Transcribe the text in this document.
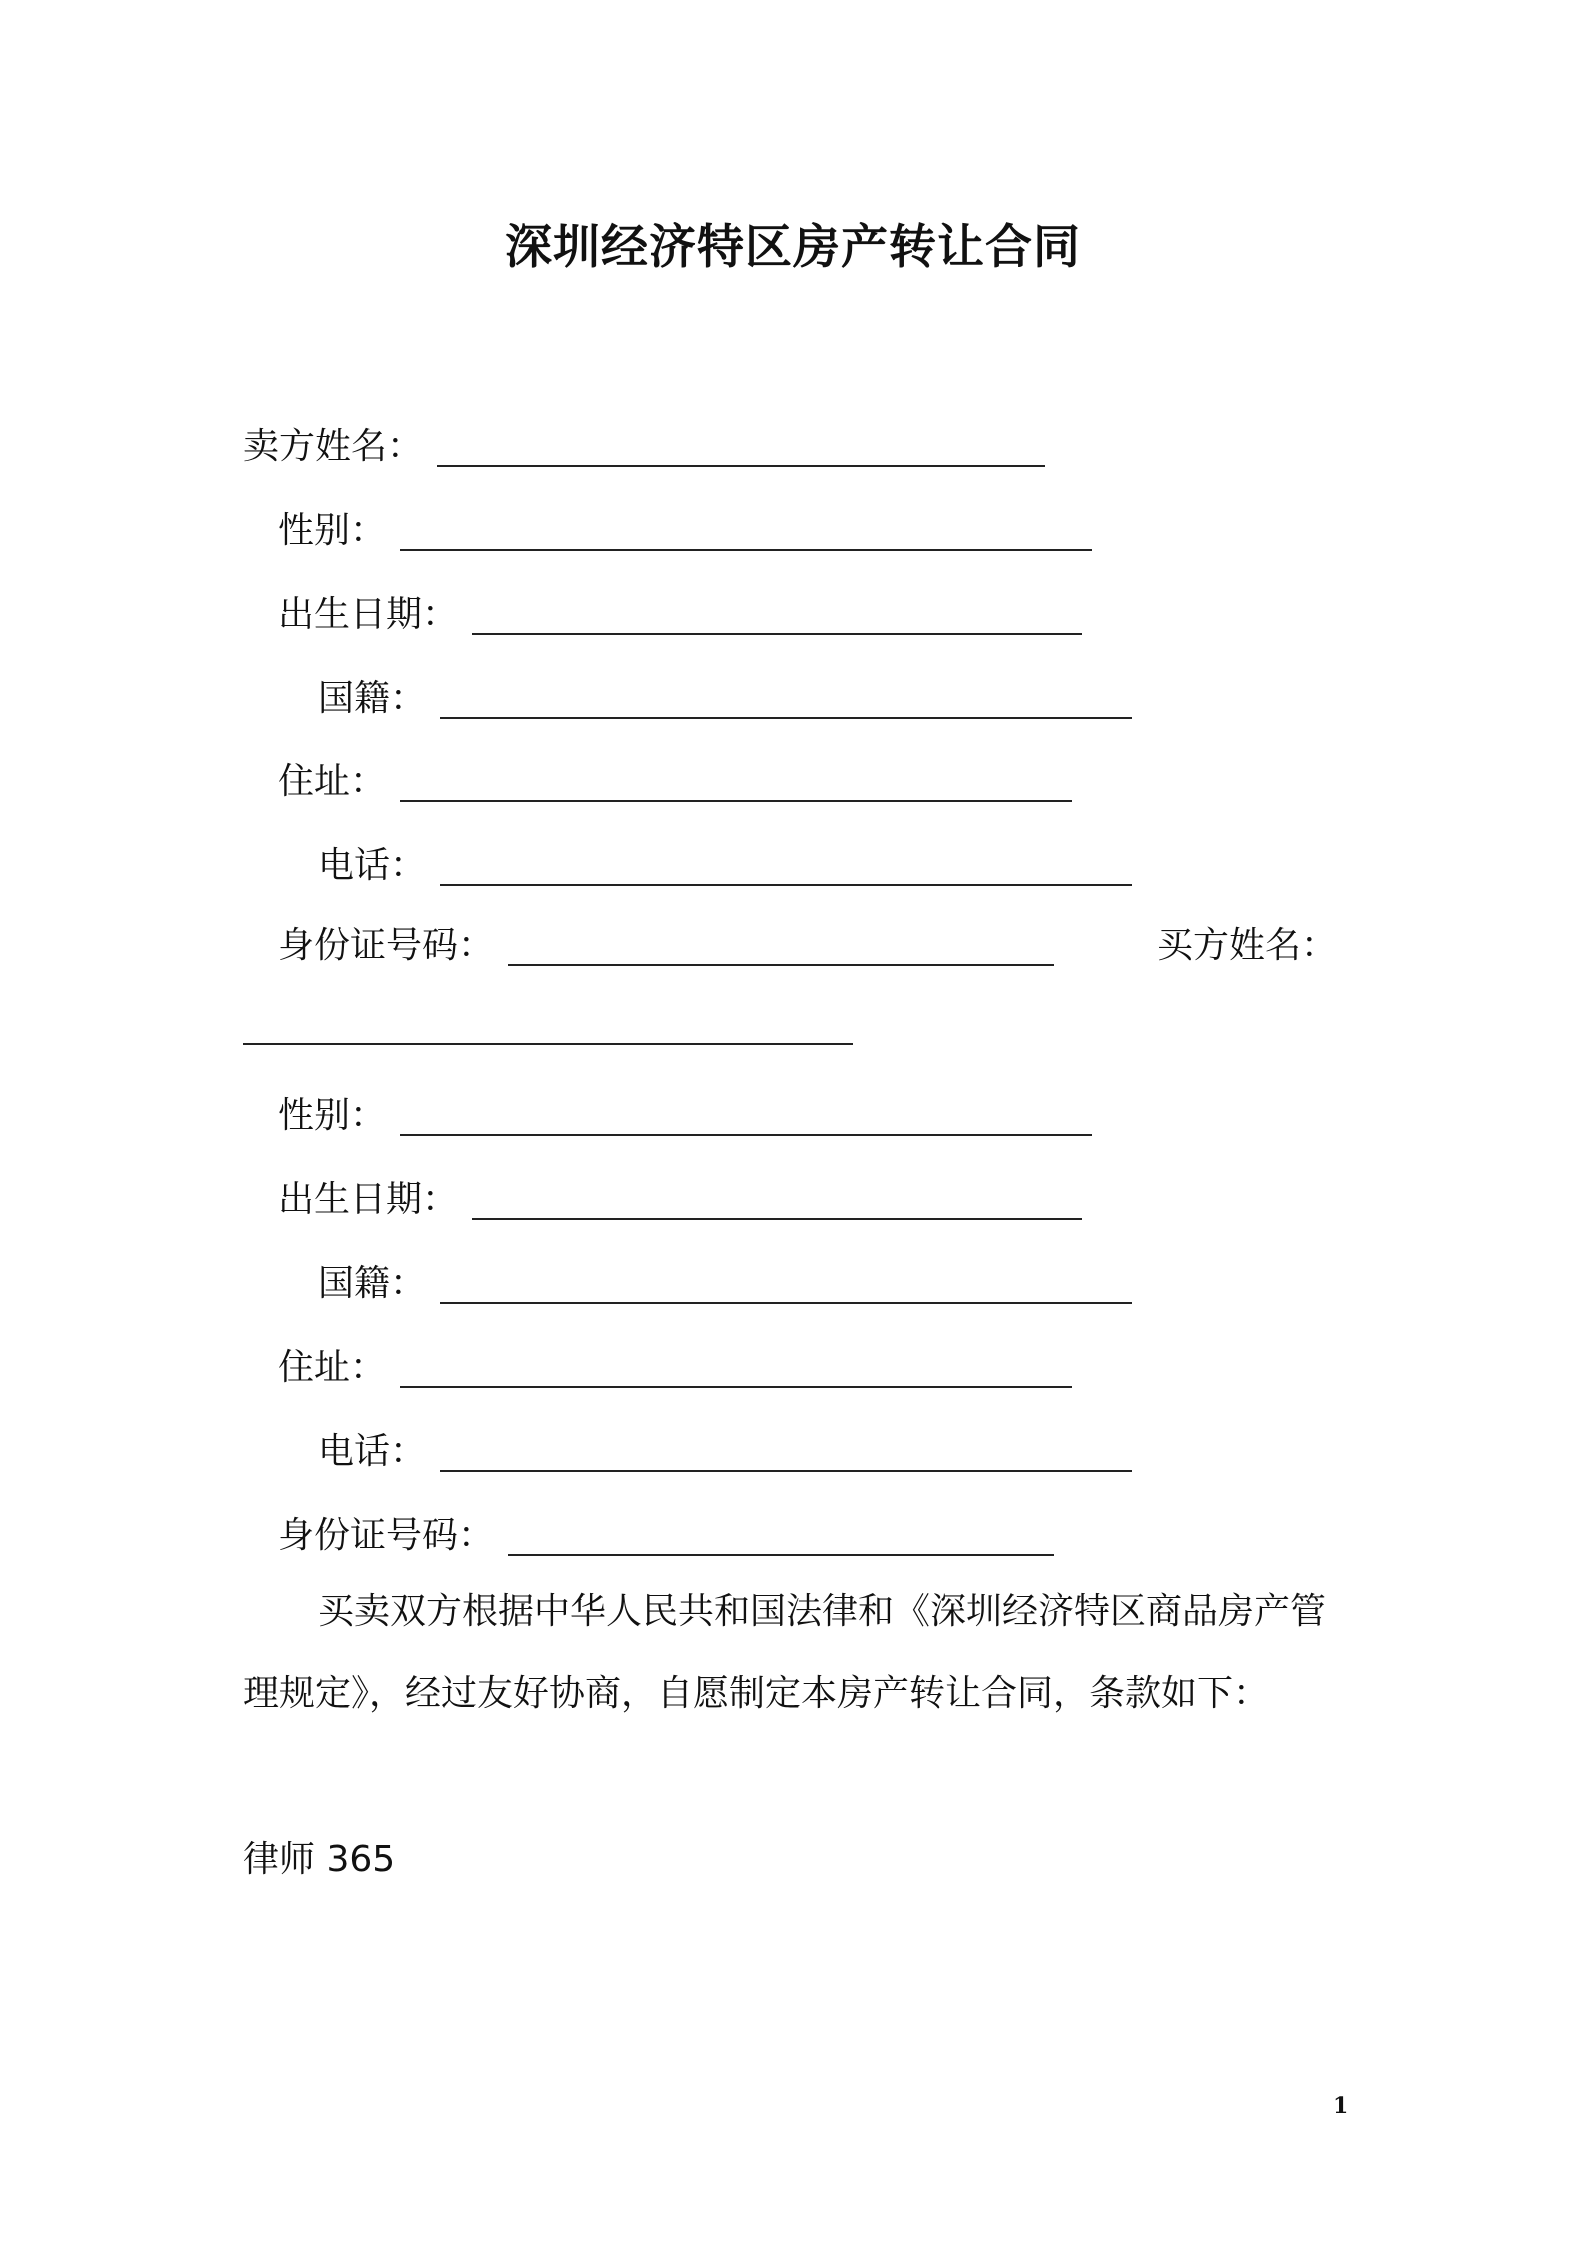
深圳经济特区房产转让合同
卖方姓名：
性别：
出生日期：
国籍：
住址：
电话：
身份证号码：	买方姓名：
性别：
出生日期：
国籍：
住址：
电话：
身份证号码：
买卖双方根据中华人民共和国法律和《深圳经济特区商品房产管
理规定》，经过友好协商，自愿制定本房产转让合同，条款如下：
律师 365
1
